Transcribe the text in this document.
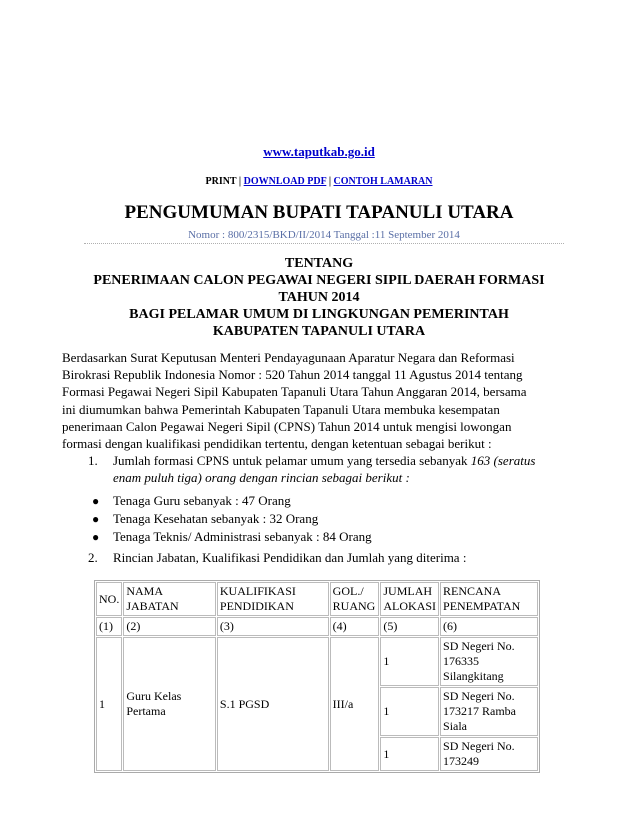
www.taputkab.go.id
PRINT | DOWNLOAD PDF | CONTOH LAMARAN
PENGUMUMAN BUPATI TAPANULI UTARA
Nomor : 800/2315/BKD/II/2014 Tanggal :11 September 2014
TENTANG
PENERIMAAN CALON PEGAWAI NEGERI SIPIL DAERAH FORMASI
TAHUN 2014
BAGI PELAMAR UMUM DI LINGKUNGAN PEMERINTAH
KABUPATEN TAPANULI UTARA
Berdasarkan Surat Keputusan Menteri Pendayagunaan Aparatur Negara dan Reformasi Birokrasi Republik Indonesia Nomor : 520 Tahun 2014 tanggal 11 Agustus 2014 tentang Formasi Pegawai Negeri Sipil Kabupaten Tapanuli Utara Tahun Anggaran 2014, bersama ini diumumkan bahwa Pemerintah Kabupaten Tapanuli Utara membuka kesempatan penerimaan Calon Pegawai Negeri Sipil (CPNS) Tahun 2014 untuk mengisi lowongan formasi dengan kualifikasi pendidikan tertentu, dengan ketentuan sebagai berikut :
1. Jumlah formasi CPNS untuk pelamar umum yang tersedia sebanyak 163 (seratus enam puluh tiga) orang dengan rincian sebagai berikut :
● Tenaga Guru sebanyak : 47 Orang
● Tenaga Kesehatan sebanyak : 32 Orang
● Tenaga Teknis/ Administrasi sebanyak : 84 Orang
2. Rincian Jabatan, Kualifikasi Pendidikan dan Jumlah yang diterima :
NO.	NAMA JABATAN	KUALIFIKASI PENDIDIKAN	GOL./ RUANG	JUMLAH ALOKASI	RENCANA PENEMPATAN
(1)	(2)	(3)	(4)	(5)	(6)
1	Guru Kelas Pertama	S.1 PGSD	III/a	1	SD Negeri No. 176335 Silangkitang
				1	SD Negeri No. 173217 Ramba Siala
				1	SD Negeri No. 173249
